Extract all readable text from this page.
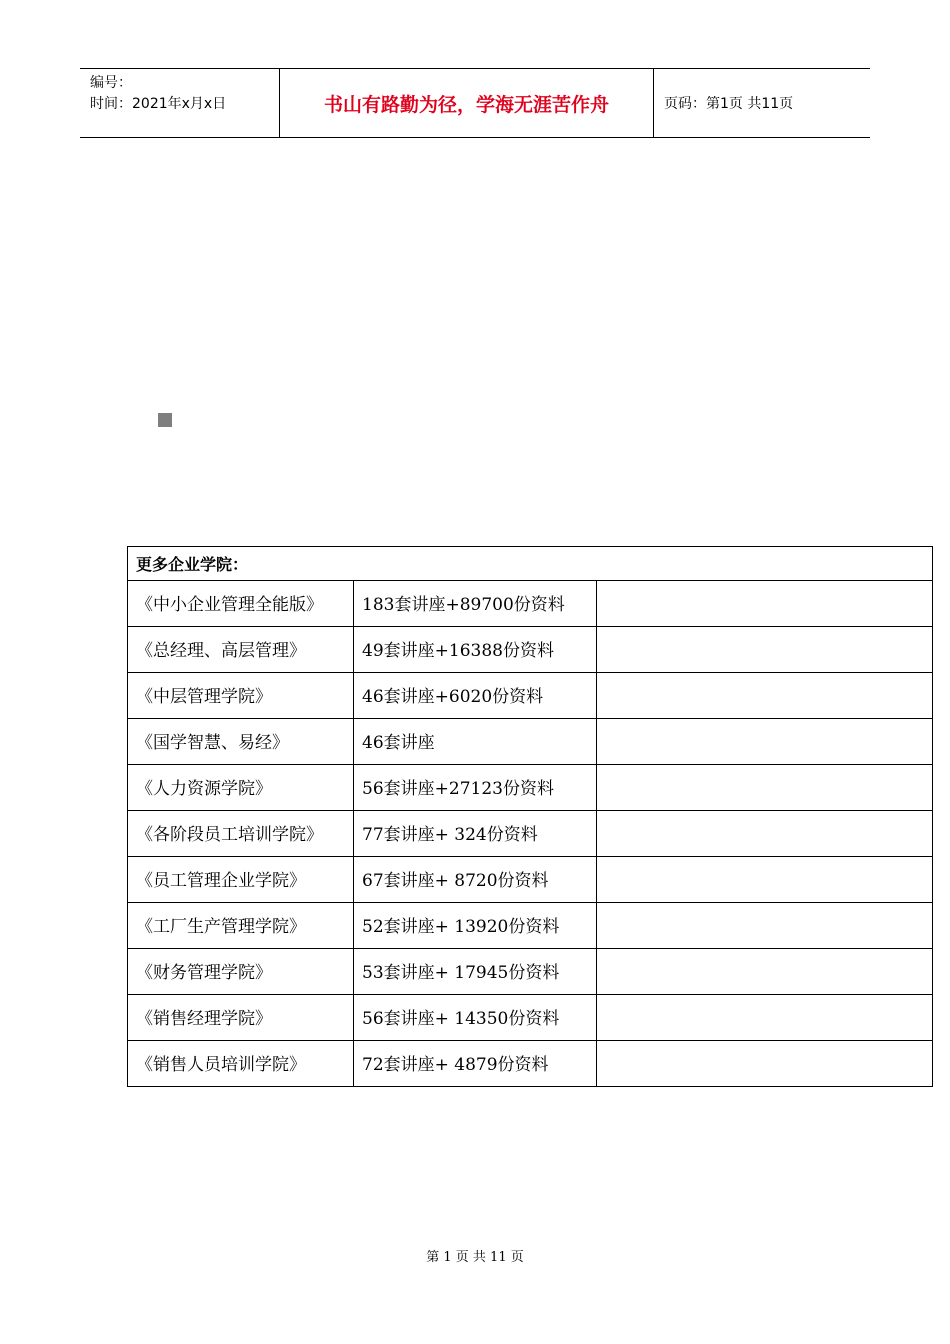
编号：
时间：2021年x月x日	书山有路勤为径，学海无涯苦作舟	页码：第1页 共11页
更多企业学院：		
《中小企业管理全能版》	183套讲座+89700份资料	
《总经理、高层管理》	49套讲座+16388份资料	
《中层管理学院》	46套讲座+6020份资料	
《国学智慧、易经》	46套讲座	
《人力资源学院》	56套讲座+27123份资料	
《各阶段员工培训学院》	77套讲座+ 324份资料	
《员工管理企业学院》	67套讲座+ 8720份资料	
《工厂生产管理学院》	52套讲座+ 13920份资料	
《财务管理学院》	53套讲座+ 17945份资料	
《销售经理学院》	56套讲座+ 14350份资料	
《销售人员培训学院》	72套讲座+ 4879份资料	
第 1 页 共 11 页
